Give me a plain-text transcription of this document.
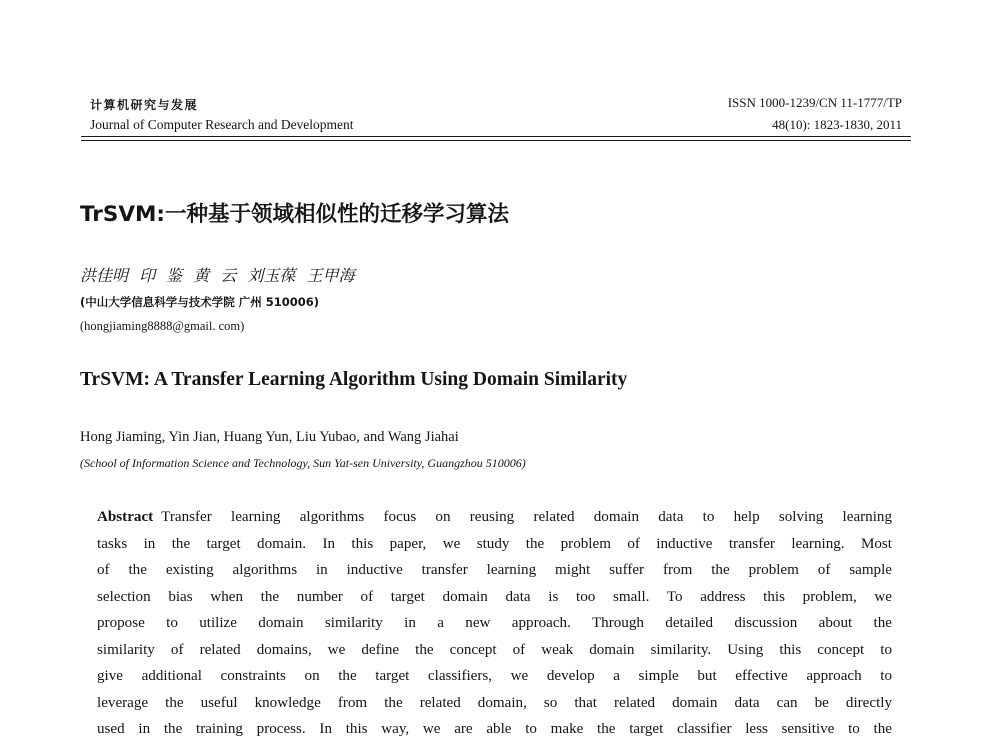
计算机研究与发展
Journal of Computer Research and Development
ISSN 1000-1239/CN 11-1777/TP
48(10): 1823-1830, 2011
TrSVM:一种基于领域相似性的迁移学习算法
洪佳明 印 鉴 黄 云 刘玉葆 王甲海
(中山大学信息科学与技术学院 广州 510006)
(hongjiaming8888@gmail. com)
TrSVM: A Transfer Learning Algorithm Using Domain Similarity
Hong Jiaming, Yin Jian, Huang Yun, Liu Yubao, and Wang Jiahai
(School of Information Science and Technology, Sun Yat-sen University, Guangzhou 510006)
Abstract Transfer learning algorithms focus on reusing related domain data to help solving learning
tasks in the target domain. In this paper, we study the problem of inductive transfer learning. Most
of the existing algorithms in inductive transfer learning might suffer from the problem of sample
selection bias when the number of target domain data is too small. To address this problem, we
propose to utilize domain similarity in a new approach. Through detailed discussion about the
similarity of related domains, we define the concept of weak domain similarity. Using this concept to
give additional constraints on the target classifiers, we develop a simple but effective approach to
leverage the useful knowledge from the related domain, so that related domain data can be directly
used in the training process. In this way, we are able to make the target classifier less sensitive to the
